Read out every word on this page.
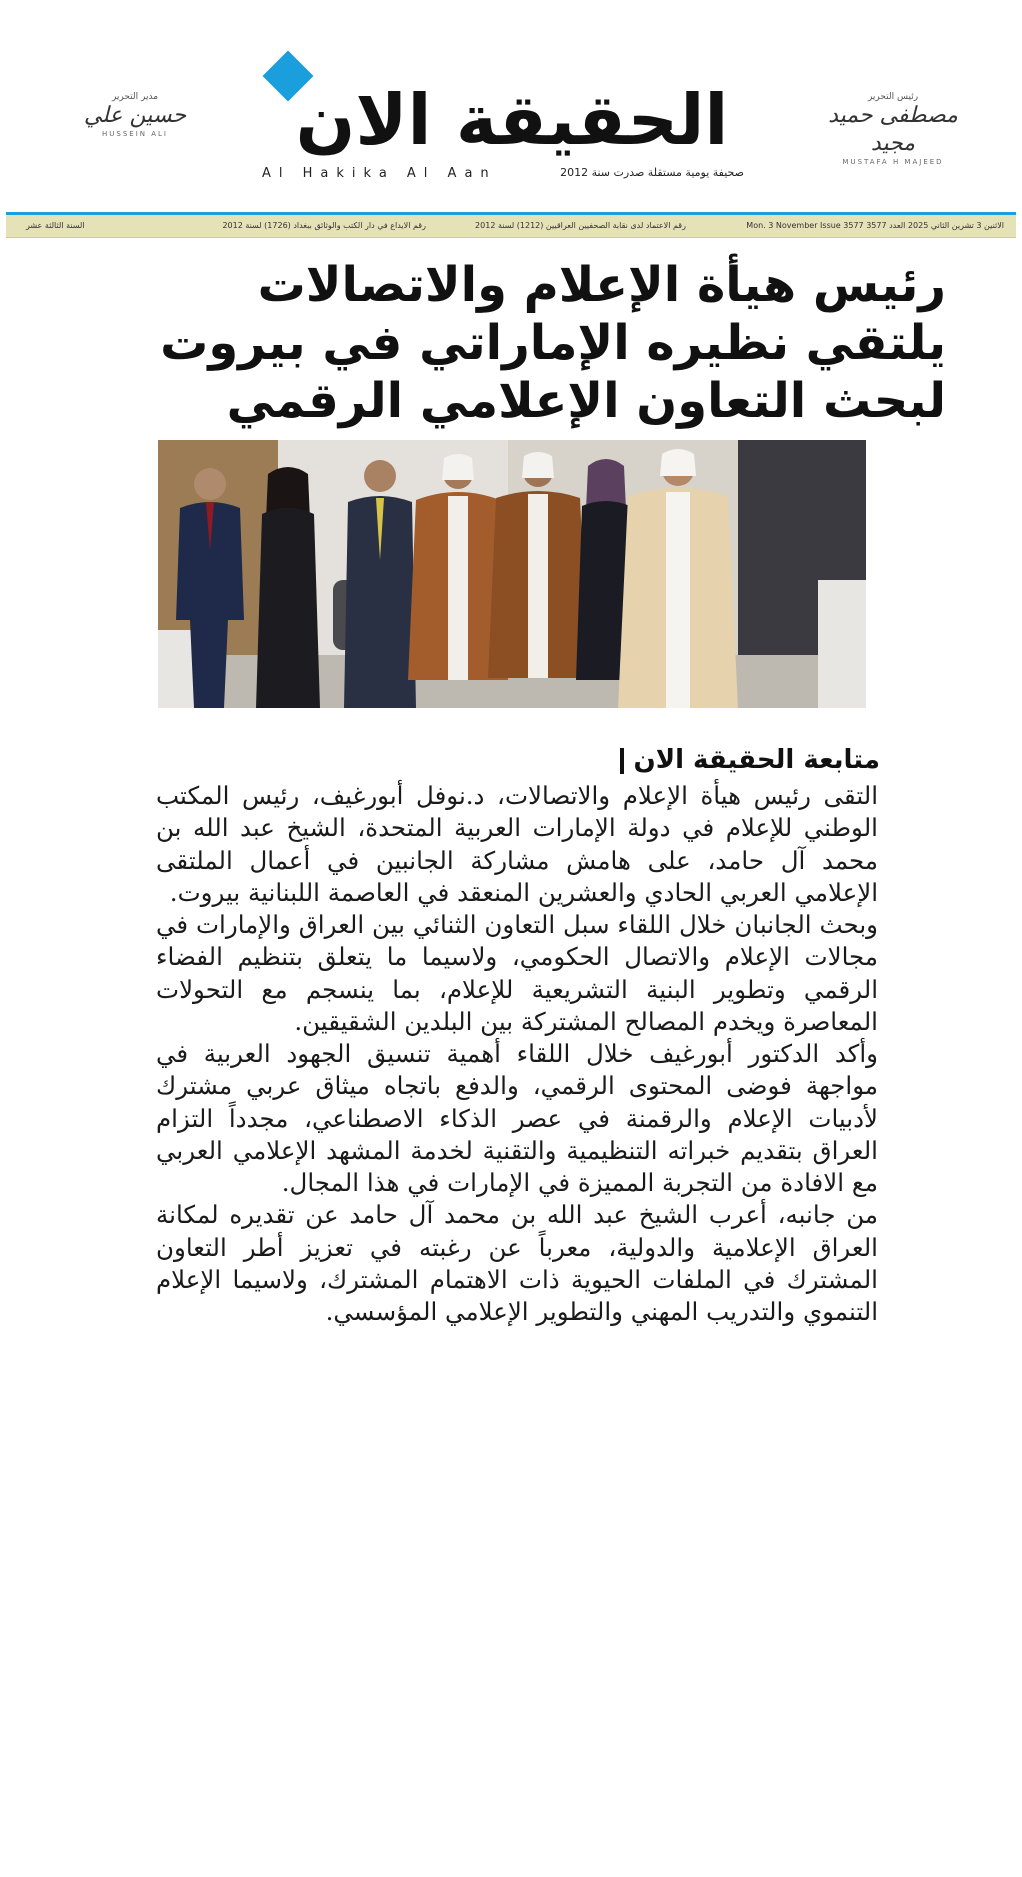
مدير التحرير
حسين علي
HUSSEIN ALI	الحقيقة الان
Al Hakika Al Aan	صحيفة يومية مستقلة صدرت سنة 2012
رئيس التحرير
مصطفى حميد مجيد
MUSTAFA H MAJEED
الاثنين 3 تشرين الثاني 2025 العدد 3577 Mon. 3 November Issue 3577
رقم الاعتماد لدى نقابة الصحفيين العراقيين (1212) لسنة 2012
رقم الايداع في دار الكتب والوثائق ببغداد (1726) لسنة 2012
السنة الثالثة عشر
رئيس هيأة الإعلام والاتصالات
يلتقي نظيره الإماراتي في بيروت
لبحث التعاون الإعلامي الرقمي
متابعة الحقيقة الان

التقى رئيس هيأة الإعلام والاتصالات، د.نوفل أبورغيف، رئيس المكتب الوطني للإعلام في دولة الإمارات العربية المتحدة، الشيخ عبد الله بن محمد آل حامد، على هامش مشاركة الجانبين في أعمال الملتقى الإعلامي العربي الحادي والعشرين المنعقد في العاصمة اللبنانية بيروت.

وبحث الجانبان خلال اللقاء سبل التعاون الثنائي بين العراق والإمارات في مجالات الإعلام والاتصال الحكومي، ولاسيما ما يتعلق بتنظيم الفضاء الرقمي وتطوير البنية التشريعية للإعلام، بما ينسجم مع التحولات المعاصرة ويخدم المصالح المشتركة بين البلدين الشقيقين.

وأكد الدكتور أبورغيف خلال اللقاء أهمية تنسيق الجهود العربية في مواجهة فوضى المحتوى الرقمي، والدفع باتجاه ميثاق عربي مشترك لأدبيات الإعلام والرقمنة في عصر الذكاء الاصطناعي، مجدداً التزام العراق بتقديم خبراته التنظيمية والتقنية لخدمة المشهد الإعلامي العربي مع الافادة من التجربة المميزة في الإمارات في هذا المجال.

من جانبه، أعرب الشيخ عبد الله بن محمد آل حامد عن تقديره لمكانة العراق الإعلامية والدولية، معرباً عن رغبته في تعزيز أطر التعاون المشترك في الملفات الحيوية ذات الاهتمام المشترك، ولاسيما الإعلام التنموي والتدريب المهني والتطوير الإعلامي المؤسسي.
